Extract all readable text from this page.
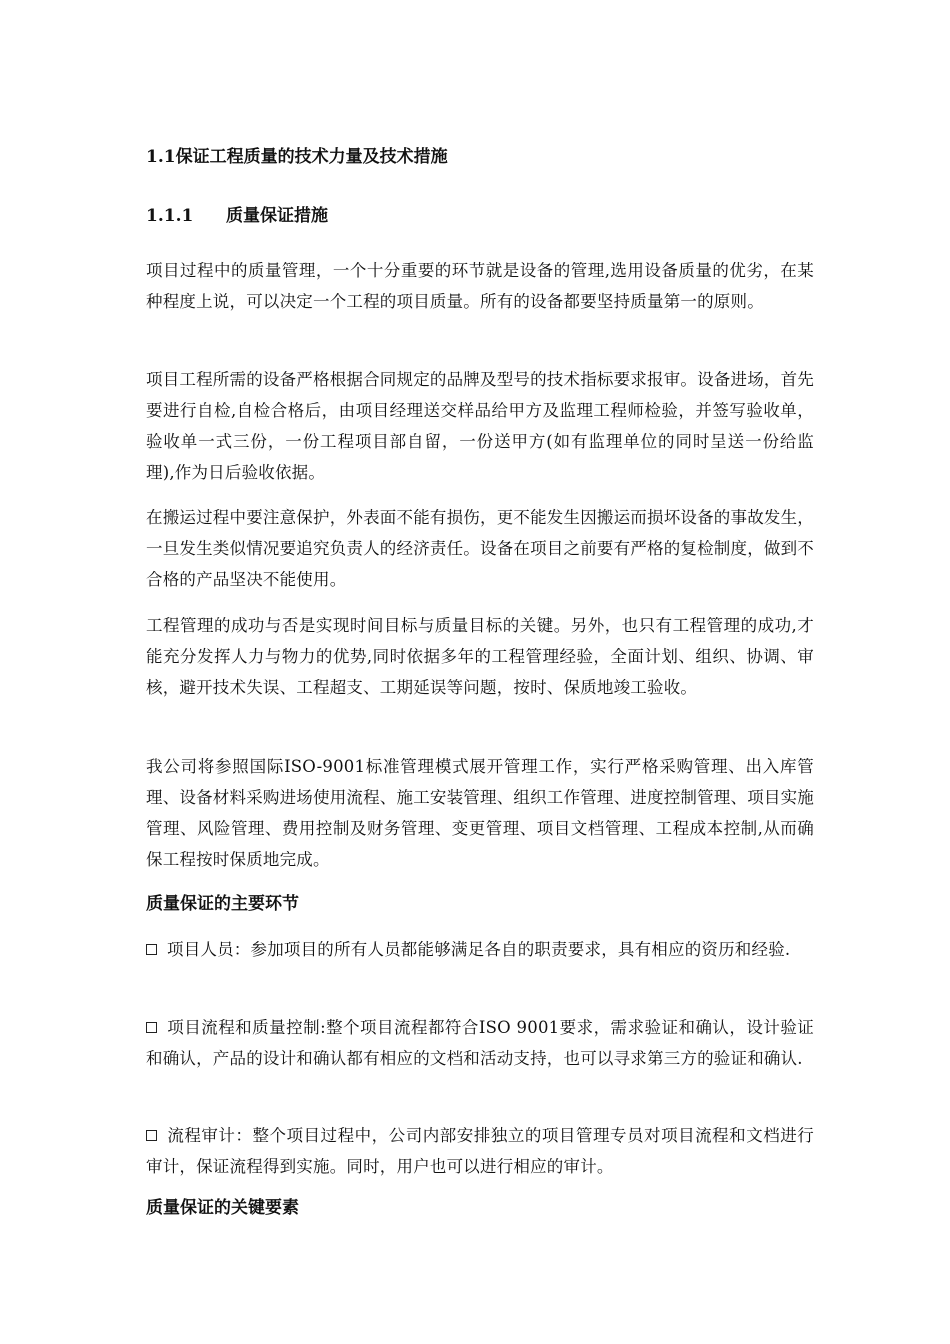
1.1保证工程质量的技术力量及技术措施
1.1.1 质量保证措施
项目过程中的质量管理，一个十分重要的环节就是设备的管理,选用设备质量的优劣，在某种程度上说，可以决定一个工程的项目质量。所有的设备都要坚持质量第一的原则。
项目工程所需的设备严格根据合同规定的品牌及型号的技术指标要求报审。设备进场，首先要进行自检,自检合格后，由项目经理送交样品给甲方及监理工程师检验，并签写验收单，验收单一式三份，一份工程项目部自留，一份送甲方(如有监理单位的同时呈送一份给监理),作为日后验收依据。
在搬运过程中要注意保护，外表面不能有损伤，更不能发生因搬运而损坏设备的事故发生，一旦发生类似情况要追究负责人的经济责任。设备在项目之前要有严格的复检制度，做到不合格的产品坚决不能使用。
工程管理的成功与否是实现时间目标与质量目标的关键。另外，也只有工程管理的成功,才能充分发挥人力与物力的优势,同时依据多年的工程管理经验，全面计划、组织、协调、审核，避开技术失误、工程超支、工期延误等问题，按时、保质地竣工验收。
我公司将参照国际ISO-9001标准管理模式展开管理工作，实行严格采购管理、出入库管理、设备材料采购进场使用流程、施工安装管理、组织工作管理、进度控制管理、项目实施管理、风险管理、费用控制及财务管理、变更管理、项目文档管理、工程成本控制,从而确保工程按时保质地完成。
质量保证的主要环节
项目人员：参加项目的所有人员都能够满足各自的职责要求，具有相应的资历和经验.
项目流程和质量控制:整个项目流程都符合ISO 9001要求，需求验证和确认，设计验证和确认，产品的设计和确认都有相应的文档和活动支持，也可以寻求第三方的验证和确认.
流程审计：整个项目过程中，公司内部安排独立的项目管理专员对项目流程和文档进行审计，保证流程得到实施。同时，用户也可以进行相应的审计。
质量保证的关键要素
